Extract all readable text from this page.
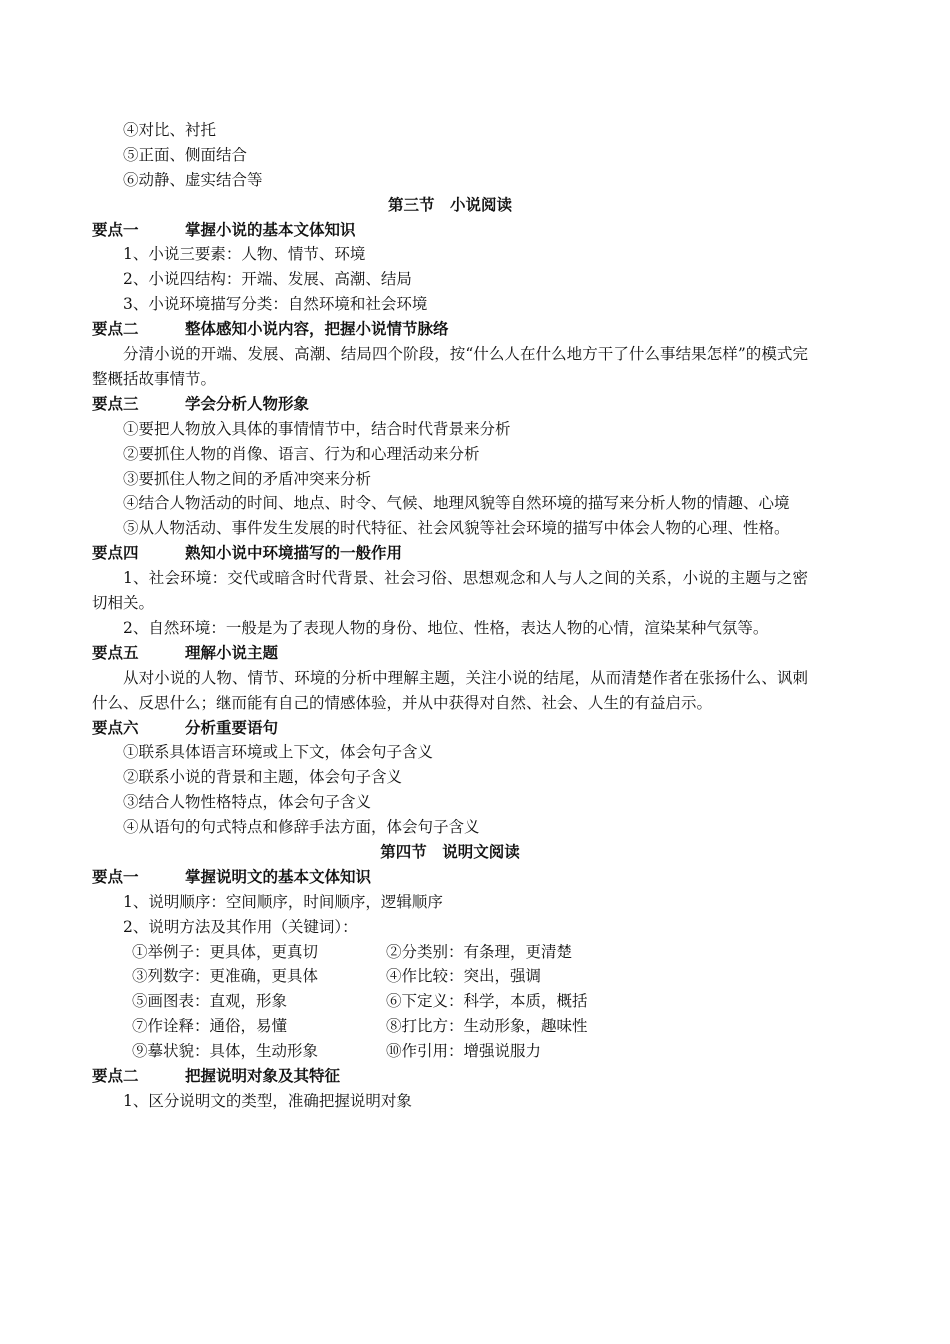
④对比、衬托
⑤正面、侧面结合
⑥动静、虚实结合等
第三节　小说阅读
要点一	掌握小说的基本文体知识
1、小说三要素：人物、情节、环境
2、小说四结构：开端、发展、高潮、结局
3、小说环境描写分类：自然环境和社会环境
要点二	整体感知小说内容，把握小说情节脉络
分清小说的开端、发展、高潮、结局四个阶段，按“什么人在什么地方干了什么事结果怎样”的模式完整概括故事情节。
要点三	学会分析人物形象
①要把人物放入具体的事情情节中，结合时代背景来分析
②要抓住人物的肖像、语言、行为和心理活动来分析
③要抓住人物之间的矛盾冲突来分析
④结合人物活动的时间、地点、时令、气候、地理风貌等自然环境的描写来分析人物的情趣、心境
⑤从人物活动、事件发生发展的时代特征、社会风貌等社会环境的描写中体会人物的心理、性格。
要点四	熟知小说中环境描写的一般作用
1、社会环境：交代或暗含时代背景、社会习俗、思想观念和人与人之间的关系，小说的主题与之密切相关。
2、自然环境：一般是为了表现人物的身份、地位、性格，表达人物的心情，渲染某种气氛等。
要点五	理解小说主题
从对小说的人物、情节、环境的分析中理解主题，关注小说的结尾，从而清楚作者在张扬什么、讽刺什么、反思什么；继而能有自己的情感体验，并从中获得对自然、社会、人生的有益启示。
要点六	分析重要语句
①联系具体语言环境或上下文，体会句子含义
②联系小说的背景和主题，体会句子含义
③结合人物性格特点，体会句子含义
④从语句的句式特点和修辞手法方面，体会句子含义
第四节　说明文阅读
要点一	掌握说明文的基本文体知识
1、说明顺序：空间顺序，时间顺序，逻辑顺序
2、说明方法及其作用（关键词）：
①举例子：更具体，更真切	②分类别：有条理，更清楚
③列数字：更准确，更具体	④作比较：突出，强调
⑤画图表：直观，形象	⑥下定义：科学，本质，概括
⑦作诠释：通俗，易懂	⑧打比方：生动形象，趣味性
⑨摹状貌：具体，生动形象	⑩作引用：增强说服力
要点二	把握说明对象及其特征
1、区分说明文的类型，准确把握说明对象
